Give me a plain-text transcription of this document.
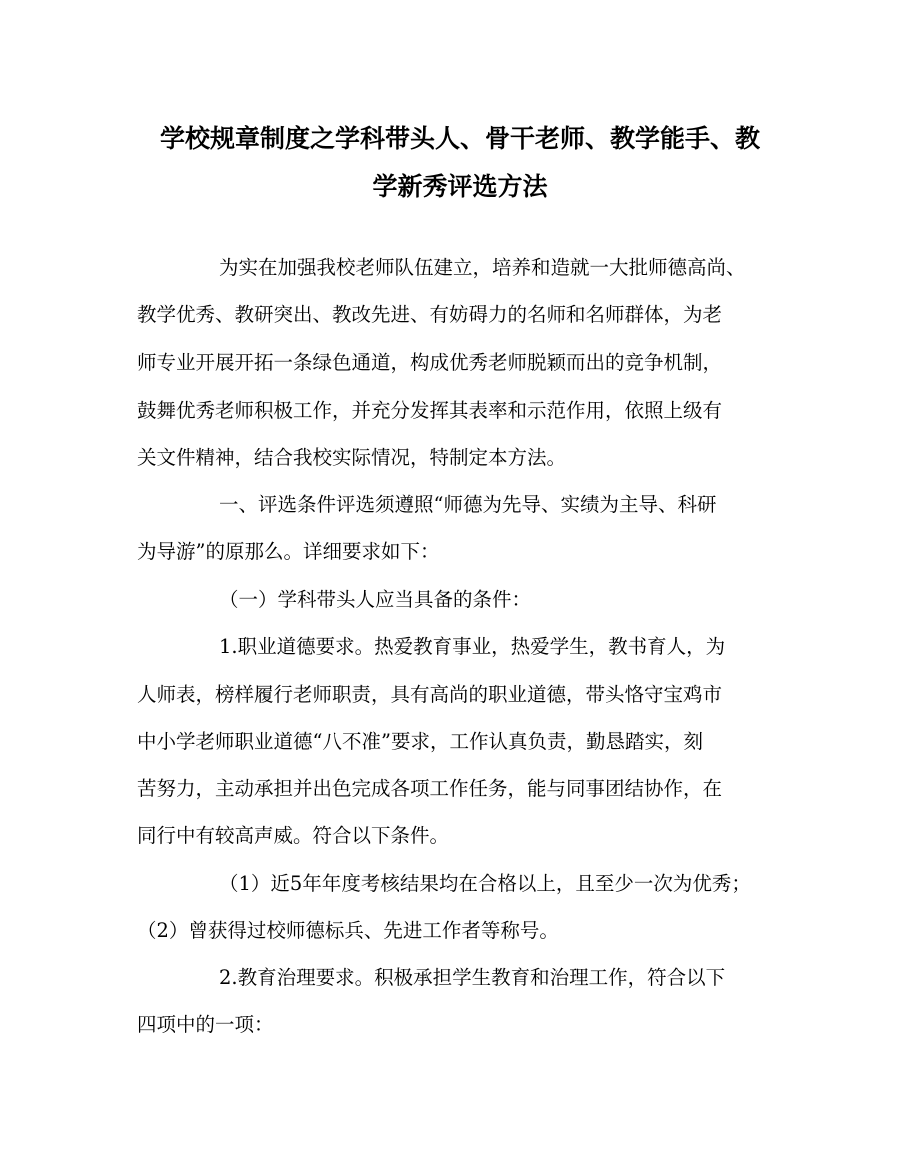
学校规章制度之学科带头人、骨干老师、教学能手、教
学新秀评选方法

为实在加强我校老师队伍建立，培养和造就一大批师德高尚、

教学优秀、教研突出、教改先进、有妨碍力的名师和名师群体，为老

师专业开展开拓一条绿色通道，构成优秀老师脱颖而出的竞争机制，

鼓舞优秀老师积极工作，并充分发挥其表率和示范作用，依照上级有

关文件精神，结合我校实际情况，特制定本方法。

一、评选条件评选须遵照“师德为先导、实绩为主导、科研

为导游”的原那么。详细要求如下：

（一）学科带头人应当具备的条件：

1.职业道德要求。热爱教育事业，热爱学生，教书育人，为

人师表，榜样履行老师职责，具有高尚的职业道德，带头恪守宝鸡市

中小学老师职业道德“八不准”要求，工作认真负责，勤恳踏实，刻

苦努力，主动承担并出色完成各项工作任务，能与同事团结协作，在

同行中有较高声威。符合以下条件。

（1）近5年年度考核结果均在合格以上，且至少一次为优秀；

（2）曾获得过校师德标兵、先进工作者等称号。

2.教育治理要求。积极承担学生教育和治理工作，符合以下

四项中的一项：
